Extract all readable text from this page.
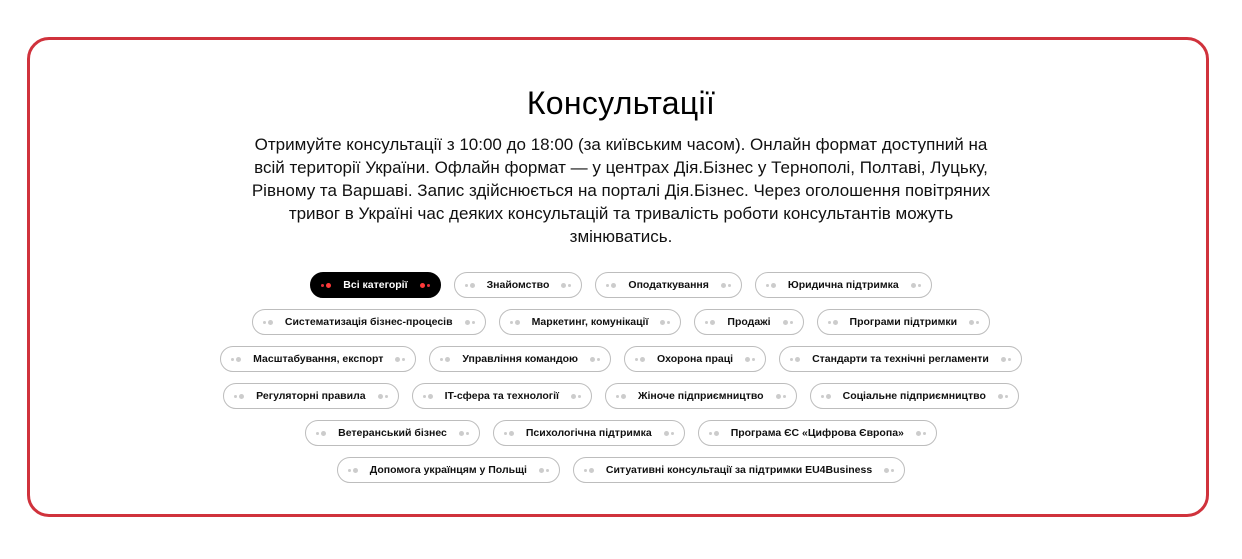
Консультації

Отримуйте консультації з 10:00 до 18:00 (за київським часом). Онлайн формат доступний на всій території України. Офлайн формат — у центрах Дія.Бізнес у Тернополі, Полтаві, Луцьку, Рівному та Варшаві. Запис здійснюється на порталі Дія.Бізнес. Через оголошення повітряних тривог в Україні час деяких консультацій та тривалість роботи консультантів можуть змінюватись.

Всі категорії	Знайомство	Оподаткування	Юридична підтримка
Систематизація бізнес-процесів	Маркетинг, комунікації	Продажі	Програми підтримки
Масштабування, експорт	Управління командою	Охорона праці	Стандарти та технічні регламенти
Регуляторні правила	IT-сфера та технології	Жіноче підприємництво	Соціальне підприємництво
Ветеранський бізнес	Психологічна підтримка	Програма ЄС «Цифрова Європа»
Допомога українцям у Польщі	Ситуативні консультації за підтримки EU4Business
